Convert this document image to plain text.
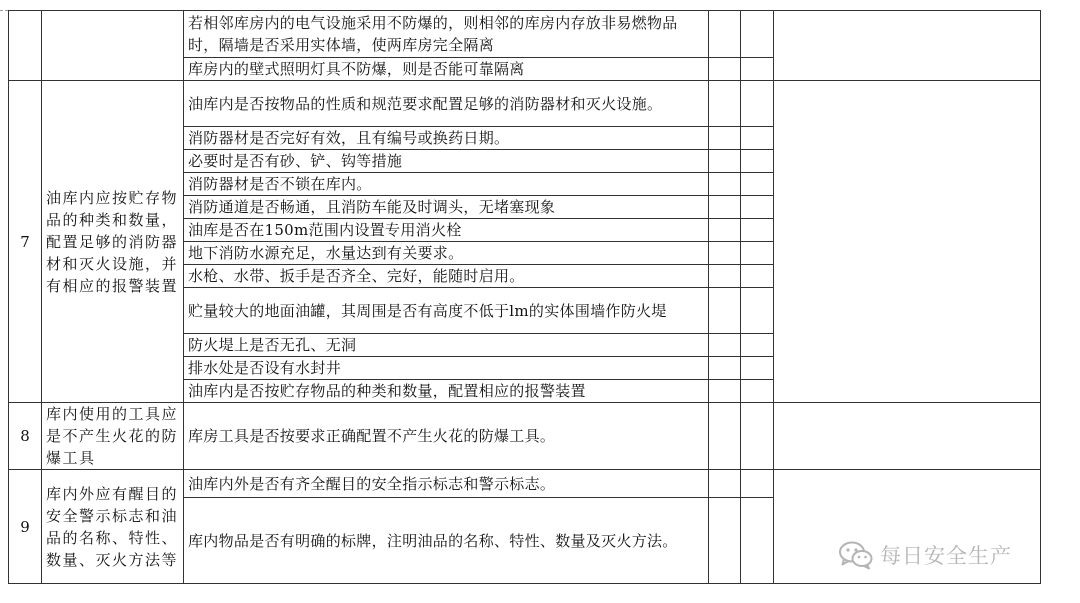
		若相邻库房内的电气设施采用不防爆的，则相邻的库房内存放非易燃物品时，隔墙是否采用实体墙，使两库房完全隔离			
		库房内的壁式照明灯具不防爆，则是否能可靠隔离			
7	油库内应按贮存物品的种类和数量，配置足够的消防器材和灭火设施，并有相应的报警装置	油库内是否按物品的性质和规范要求配置足够的消防器材和灭火设施。			
		消防器材是否完好有效，且有编号或换药日期。			
		必要时是否有砂、铲、钩等措施			
		消防器材是否不锁在库内。			
		消防通道是否畅通，且消防车能及时调头，无堵塞现象			
		油库是否在150m范围内设置专用消火栓			
		地下消防水源充足，水量达到有关要求。			
		水枪、水带、扳手是否齐全、完好，能随时启用。			
		贮量较大的地面油罐，其周围是否有高度不低于lm的实体围墙作防火堤			
		防火堤上是否无孔、无洞			
		排水处是否设有水封井			
		油库内是否按贮存物品的种类和数量，配置相应的报警装置			
8	库内使用的工具应是不产生火花的防爆工具	库房工具是否按要求正确配置不产生火花的防爆工具。			
9	库内外应有醒目的安全警示标志和油品的名称、特性、数量、灭火方法等	油库内外是否有齐全醒目的安全指示标志和警示标志。			
		库内物品是否有明确的标牌，注明油品的名称、特性、数量及灭火方法。			
每日安全生产
